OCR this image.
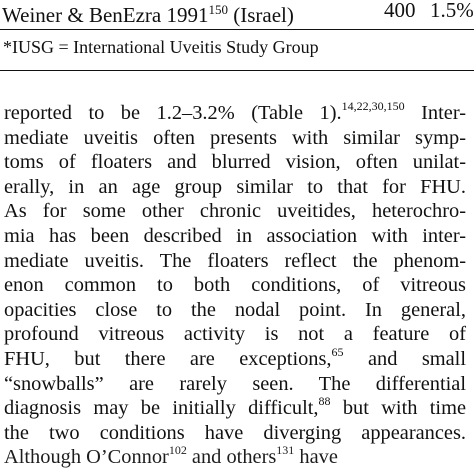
Weiner & BenEzra 1991$^{150}$ (Israel)	400 1.5%
*IUSG = International Uveitis Study Group
reported to be 1.2–3.2% (Table 1).$^{14,22,30,150}$ Inter-
mediate uveitis often presents with similar symp-
toms of floaters and blurred vision, often unilat-
erally, in an age group similar to that for FHU.
As for some other chronic uveitides, heterochro-
mia has been described in association with inter-
mediate uveitis. The floaters reflect the phenom-
enon common to both conditions, of vitreous
opacities close to the nodal point. In general,
profound vitreous activity is not a feature of
FHU, but there are exceptions,$^{65}$ and small
“snowballs” are rarely seen. The differential
diagnosis may be initially difficult,$^{88}$ but with time
the two conditions have diverging appearances.
Although O’Connor$^{102}$ and others$^{131}$ have
